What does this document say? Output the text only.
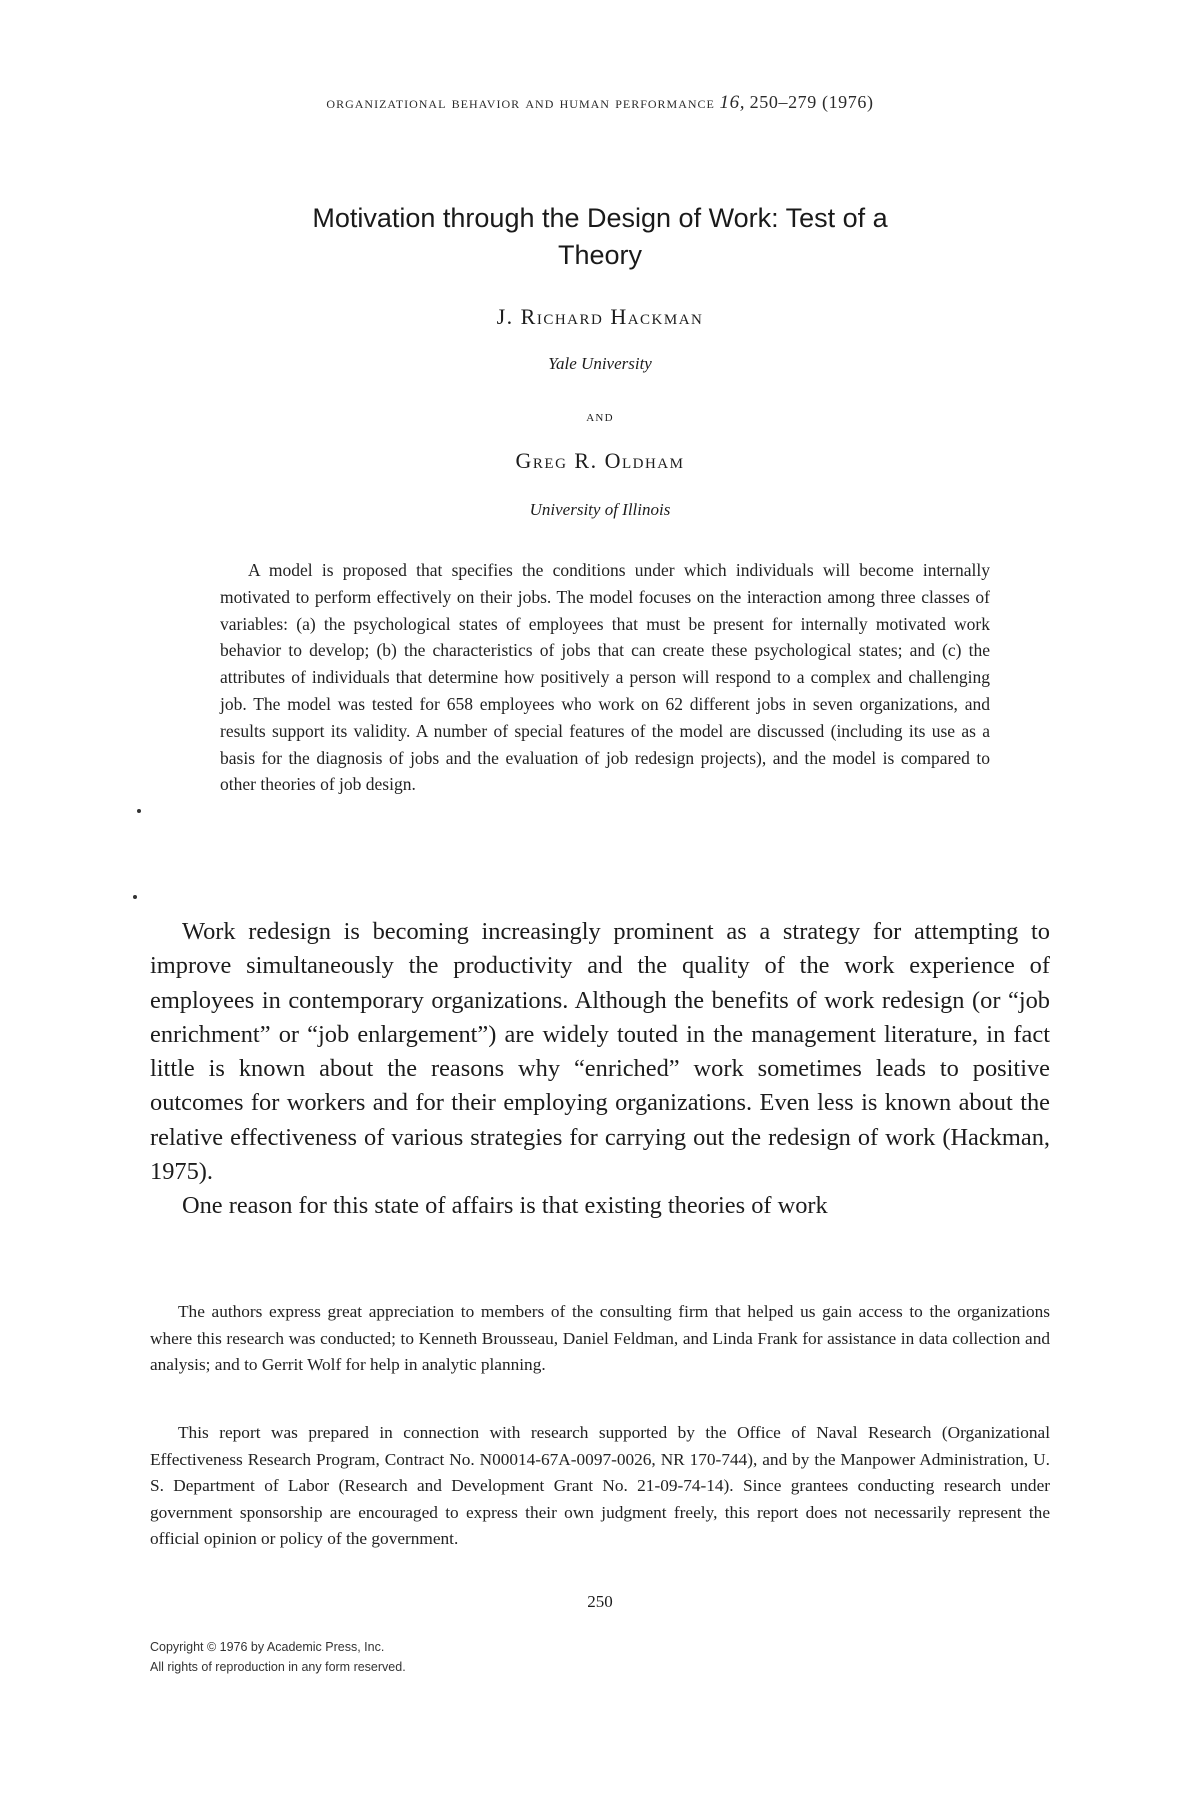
organizational behavior and human performance 16, 250–279 (1976)
Motivation through the Design of Work: Test of a
Theory
J. Richard Hackman
Yale University
and
Greg R. Oldham
University of Illinois
A model is proposed that specifies the conditions under which individuals will become internally motivated to perform effectively on their jobs. The model focuses on the interaction among three classes of variables: (a) the psychological states of employees that must be present for internally motivated work behavior to develop; (b) the characteristics of jobs that can create these psychological states; and (c) the attributes of individuals that determine how positively a person will respond to a complex and challenging job. The model was tested for 658 employees who work on 62 different jobs in seven organizations, and results support its validity. A number of special features of the model are discussed (including its use as a basis for the diagnosis of jobs and the evaluation of job redesign projects), and the model is compared to other theories of job design.

Work redesign is becoming increasingly prominent as a strategy for attempting to improve simultaneously the productivity and the quality of the work experience of employees in contemporary organizations. Although the benefits of work redesign (or “job enrichment” or “job enlargement”) are widely touted in the management literature, in fact little is known about the reasons why “enriched” work sometimes leads to positive outcomes for workers and for their employing organizations. Even less is known about the relative effectiveness of various strategies for carrying out the redesign of work (Hackman, 1975).

One reason for this state of affairs is that existing theories of work

The authors express great appreciation to members of the consulting firm that helped us gain access to the organizations where this research was conducted; to Kenneth Brousseau, Daniel Feldman, and Linda Frank for assistance in data collection and analysis; and to Gerrit Wolf for help in analytic planning.

This report was prepared in connection with research supported by the Office of Naval Research (Organizational Effectiveness Research Program, Contract No. N00014-67A-0097-0026, NR 170-744), and by the Manpower Administration, U. S. Department of Labor (Research and Development Grant No. 21-09-74-14). Since grantees conducting research under government sponsorship are encouraged to express their own judgment freely, this report does not necessarily represent the official opinion or policy of the government.

250
Copyright © 1976 by Academic Press, Inc.
All rights of reproduction in any form reserved.
